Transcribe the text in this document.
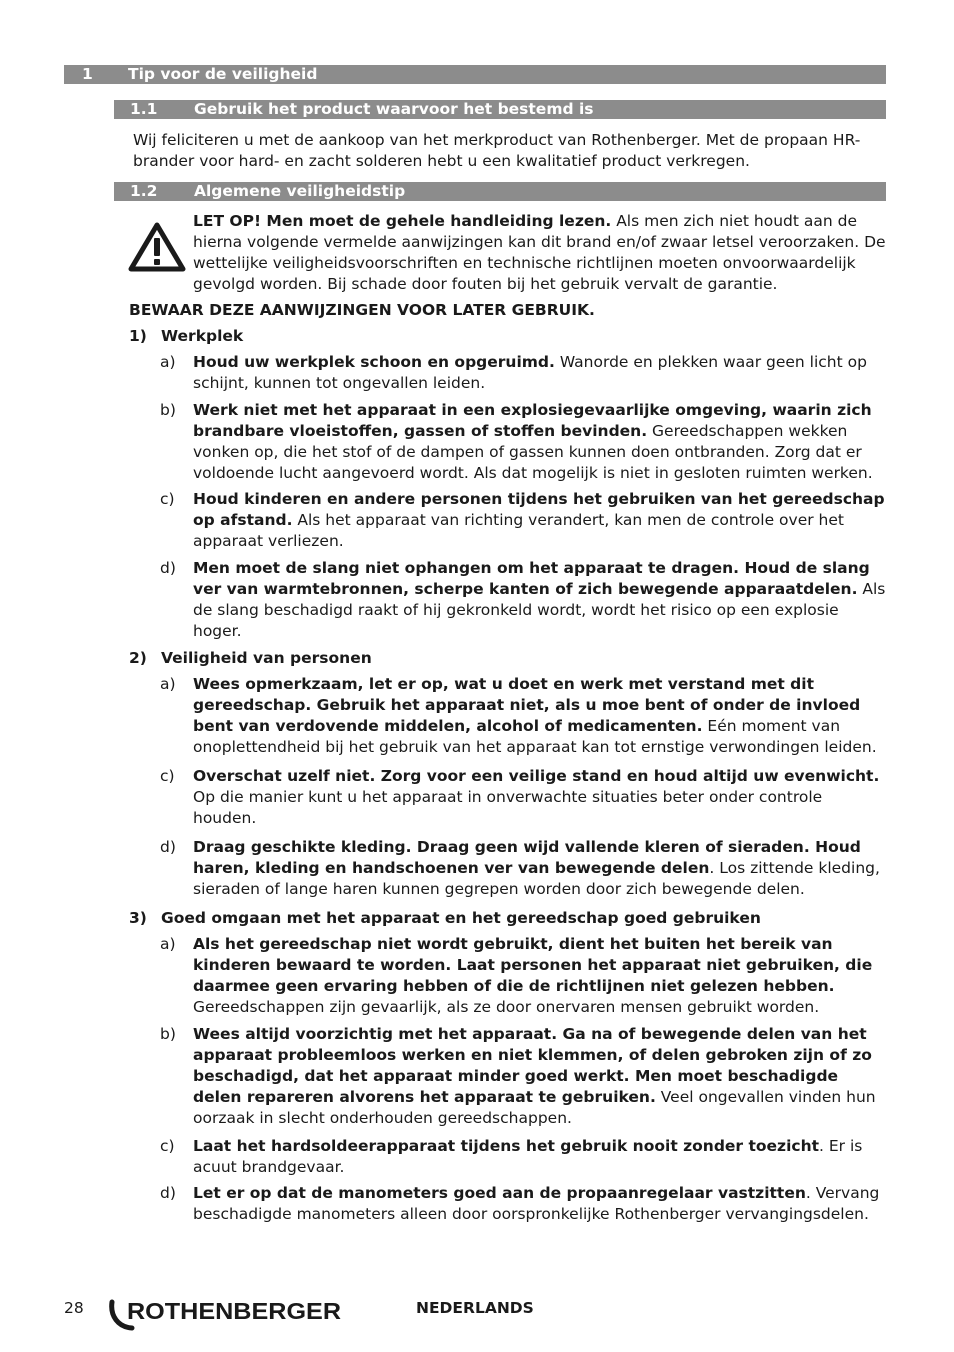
1 Tip voor de veiligheid
1.1 Gebruik het product waarvoor het bestemd is
Wij feliciteren u met de aankoop van het merkproduct van Rothenberger. Met de propaan HR-brander voor hard- en zacht solderen hebt u een kwalitatief product verkregen.
1.2 Algemene veiligheidstip
LET OP! Men moet de gehele handleiding lezen. Als men zich niet houdt aan de hierna volgende vermelde aanwijzingen kan dit brand en/of zwaar letsel veroorzaken. De wettelijke veiligheidsvoorschriften en technische richtlijnen moeten onvoorwaardelijk gevolgd worden. Bij schade door fouten bij het gebruik vervalt de garantie.
BEWAAR DEZE AANWIJZINGEN VOOR LATER GEBRUIK.
1) Werkplek
a) Houd uw werkplek schoon en opgeruimd. Wanorde en plekken waar geen licht op schijnt, kunnen tot ongevallen leiden.
b) Werk niet met het apparaat in een explosiegevaarlijke omgeving, waarin zich brandbare vloeistoffen, gassen of stoffen bevinden. Gereedschappen wekken vonken op, die het stof of de dampen of gassen kunnen doen ontbranden. Zorg dat er voldoende lucht aangevoerd wordt. Als dat mogelijk is niet in gesloten ruimten werken.
c) Houd kinderen en andere personen tijdens het gebruiken van het gereedschap op afstand. Als het apparaat van richting verandert, kan men de controle over het apparaat verliezen.
d) Men moet de slang niet ophangen om het apparaat te dragen. Houd de slang ver van warmtebronnen, scherpe kanten of zich bewegende apparaatdelen. Als de slang beschadigd raakt of hij gekronkeld wordt, wordt het risico op een explosie hoger.
2) Veiligheid van personen
a) Wees opmerkzaam, let er op, wat u doet en werk met verstand met dit gereedschap. Gebruik het apparaat niet, als u moe bent of onder de invloed bent van verdovende middelen, alcohol of medicamenten. Eén moment van onoplettendheid bij het gebruik van het apparaat kan tot ernstige verwondingen leiden.
c) Overschat uzelf niet. Zorg voor een veilige stand en houd altijd uw evenwicht. Op die manier kunt u het apparaat in onverwachte situaties beter onder controle houden.
d) Draag geschikte kleding. Draag geen wijd vallende kleren of sieraden. Houd haren, kleding en handschoenen ver van bewegende delen. Los zittende kleding, sieraden of lange haren kunnen gegrepen worden door zich bewegende delen.
3) Goed omgaan met het apparaat en het gereedschap goed gebruiken
a) Als het gereedschap niet wordt gebruikt, dient het buiten het bereik van kinderen bewaard te worden. Laat personen het apparaat niet gebruiken, die daarmee geen ervaring hebben of die de richtlijnen niet gelezen hebben. Gereedschappen zijn gevaarlijk, als ze door onervaren mensen gebruikt worden.
b) Wees altijd voorzichtig met het apparaat. Ga na of bewegende delen van het apparaat probleemloos werken en niet klemmen, of delen gebroken zijn of zo beschadigd, dat het apparaat minder goed werkt. Men moet beschadigde delen repareren alvorens het apparaat te gebruiken. Veel ongevallen vinden hun oorzaak in slecht onderhouden gereedschappen.
c) Laat het hardsoldeerapparaat tijdens het gebruik nooit zonder toezicht. Er is acuut brandgevaar.
d) Let er op dat de manometers goed aan de propaanregelaar vastzitten. Vervang beschadigde manometers alleen door oorspronkelijke Rothenberger vervangingsdelen.
28 ROTHENBERGER	NEDERLANDS
